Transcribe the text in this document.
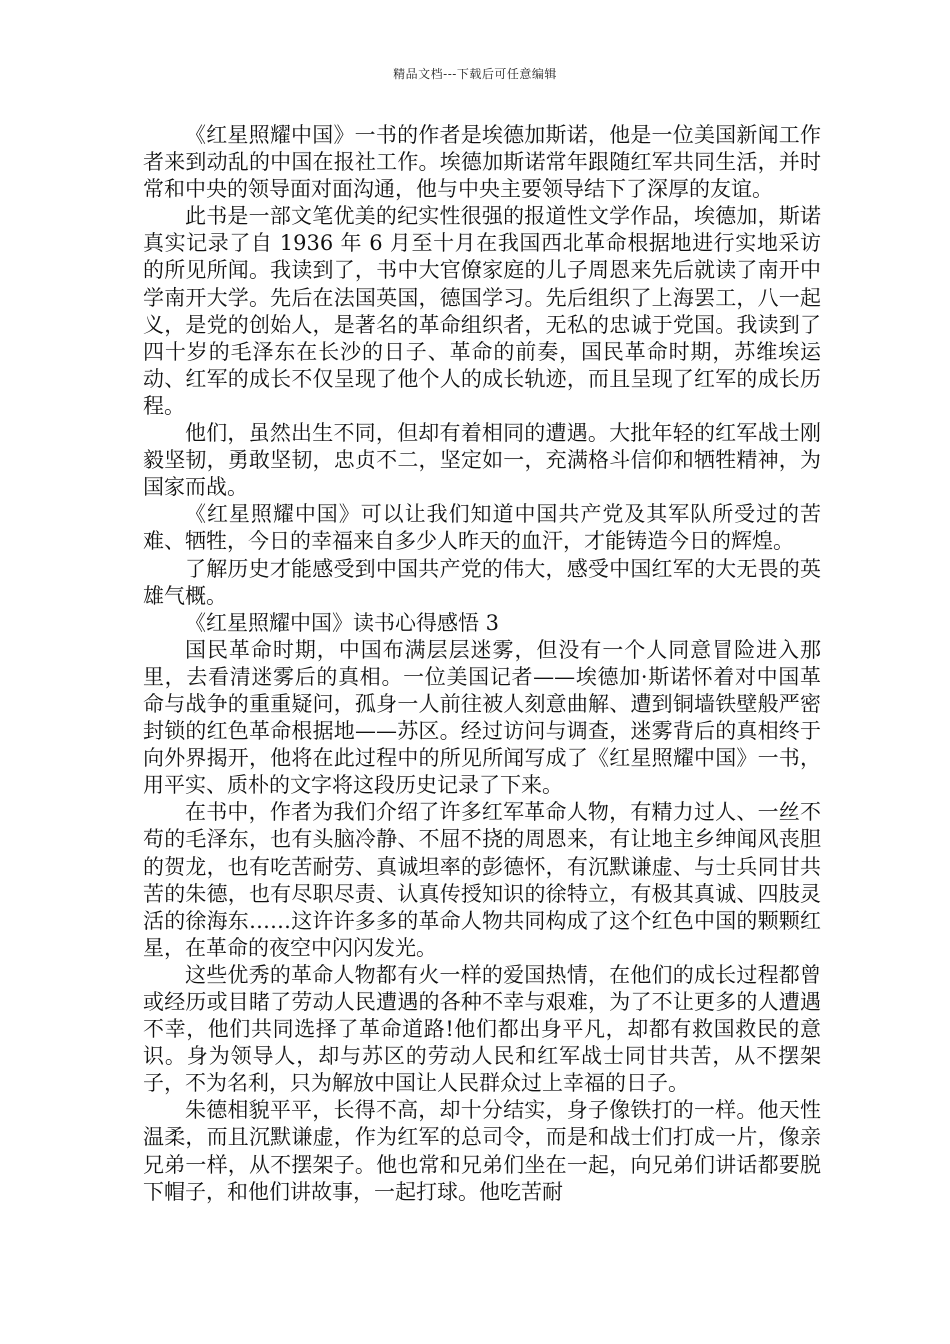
精品文档---下载后可任意编辑

《红星照耀中国》一书的作者是埃德加斯诺，他是一位美国新闻工作者来到动乱的中国在报社工作。埃德加斯诺常年跟随红军共同生活，并时常和中央的领导面对面沟通，他与中央主要领导结下了深厚的友谊。

此书是一部文笔优美的纪实性很强的报道性文学作品，埃德加，斯诺真实记录了自 1936 年 6 月至十月在我国西北革命根据地进行实地采访的所见所闻。我读到了，书中大官僚家庭的儿子周恩来先后就读了南开中学南开大学。先后在法国英国，德国学习。先后组织了上海罢工，八一起义，是党的创始人，是著名的革命组织者，无私的忠诚于党国。我读到了四十岁的毛泽东在长沙的日子、革命的前奏，国民革命时期，苏维埃运动、红军的成长不仅呈现了他个人的成长轨迹，而且呈现了红军的成长历程。

他们，虽然出生不同，但却有着相同的遭遇。大批年轻的红军战士刚毅坚韧，勇敢坚韧，忠贞不二，坚定如一，充满格斗信仰和牺牲精神，为国家而战。

《红星照耀中国》可以让我们知道中国共产党及其军队所受过的苦难、牺牲，今日的幸福来自多少人昨天的血汗，才能铸造今日的辉煌。

了解历史才能感受到中国共产党的伟大，感受中国红军的大无畏的英雄气概。

《红星照耀中国》读书心得感悟 3

国民革命时期，中国布满层层迷雾，但没有一个人同意冒险进入那里，去看清迷雾后的真相。一位美国记者——埃德加·斯诺怀着对中国革命与战争的重重疑问，孤身一人前往被人刻意曲解、遭到铜墙铁壁般严密封锁的红色革命根据地——苏区。经过访问与调查，迷雾背后的真相终于向外界揭开，他将在此过程中的所见所闻写成了《红星照耀中国》一书，用平实、质朴的文字将这段历史记录了下来。

在书中，作者为我们介绍了许多红军革命人物，有精力过人、一丝不苟的毛泽东，也有头脑冷静、不屈不挠的周恩来，有让地主乡绅闻风丧胆的贺龙，也有吃苦耐劳、真诚坦率的彭德怀，有沉默谦虚、与士兵同甘共苦的朱德，也有尽职尽责、认真传授知识的徐特立，有极其真诚、四肢灵活的徐海东……这许许多多的革命人物共同构成了这个红色中国的颗颗红星，在革命的夜空中闪闪发光。

这些优秀的革命人物都有火一样的爱国热情，在他们的成长过程都曾或经历或目睹了劳动人民遭遇的各种不幸与艰难，为了不让更多的人遭遇不幸，他们共同选择了革命道路!他们都出身平凡，却都有救国救民的意识。身为领导人，却与苏区的劳动人民和红军战士同甘共苦，从不摆架子，不为名利，只为解放中国让人民群众过上幸福的日子。

朱德相貌平平，长得不高，却十分结实，身子像铁打的一样。他天性温柔，而且沉默谦虚，作为红军的总司令，而是和战士们打成一片，像亲兄弟一样，从不摆架子。他也常和兄弟们坐在一起，向兄弟们讲话都要脱下帽子，和他们讲故事，一起打球。他吃苦耐
